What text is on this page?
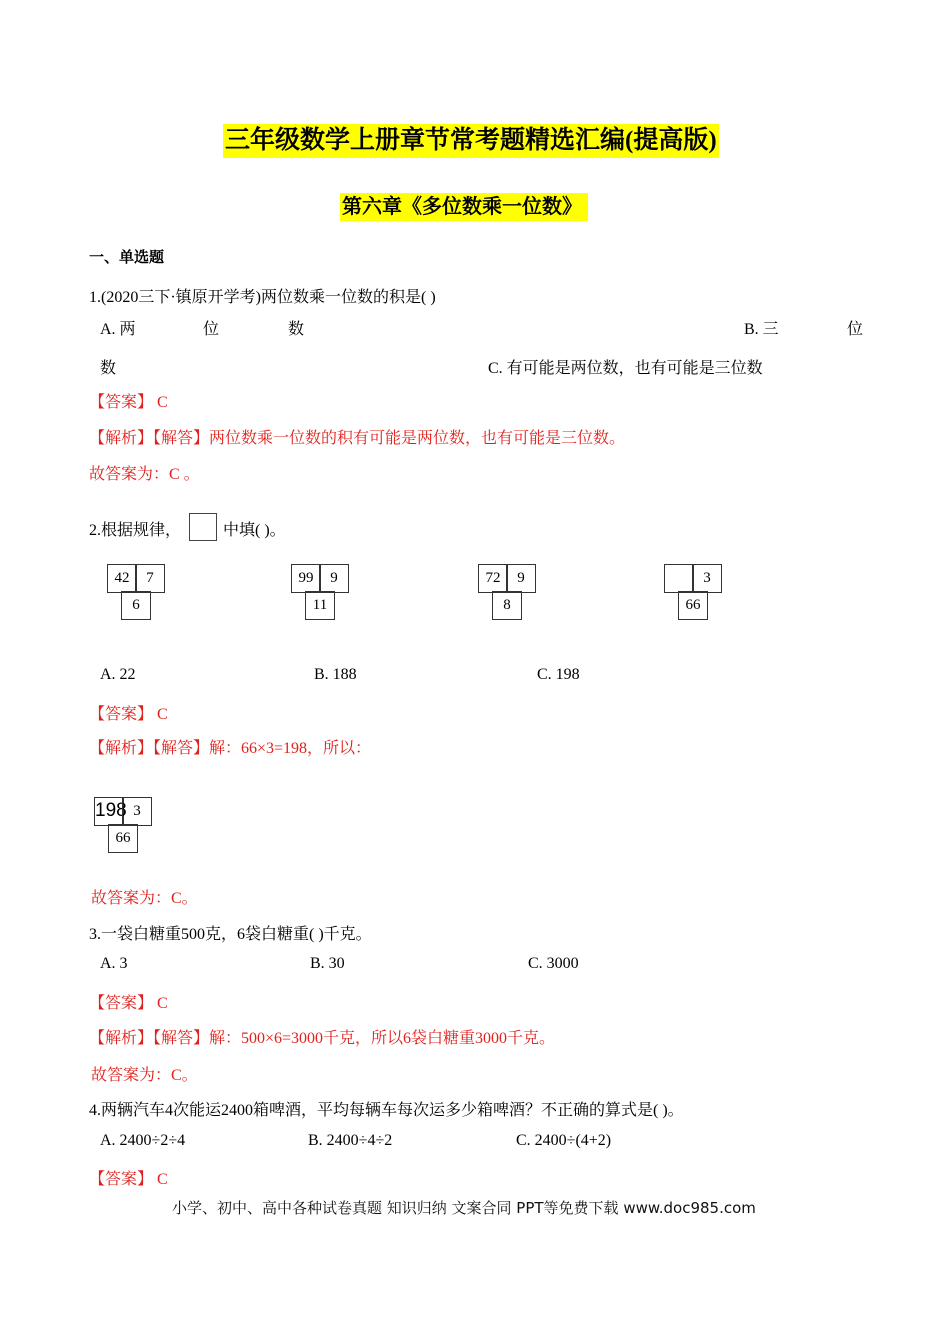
三年级数学上册章节常考题精选汇编(提高版)
第六章《多位数乘一位数》
一、单选题
1.(2020三下·镇原开学考)两位数乘一位数的积是( )
A. 两	位	数	B. 三	位
数	C. 有可能是两位数，也有可能是三位数
【答案】 C
【解析】【解答】两位数乘一位数的积有可能是两位数，也有可能是三位数。
故答案为：C 。
2.根据规律，	中填( )。
42	7
6
99	9
11
72	9
8
3
66
A. 22	B. 188	C. 198
【答案】 C
【解析】【解答】解：66×3=198，所以：
198 3
66
故答案为：C。
3.一袋白糖重500克，6袋白糖重( )千克。
A. 3	B. 30	C. 3000
【答案】 C
【解析】【解答】解：500×6=3000千克，所以6袋白糖重3000千克。
故答案为：C。
4.两辆汽车4次能运2400箱啤酒，平均每辆车每次运多少箱啤酒？不正确的算式是( )。
A. 2400÷2÷4	B. 2400÷4÷2	C. 2400÷(4+2)
【答案】 C
小学、初中、高中各种试卷真题 知识归纳 文案合同 PPT等免费下载 www.doc985.com
